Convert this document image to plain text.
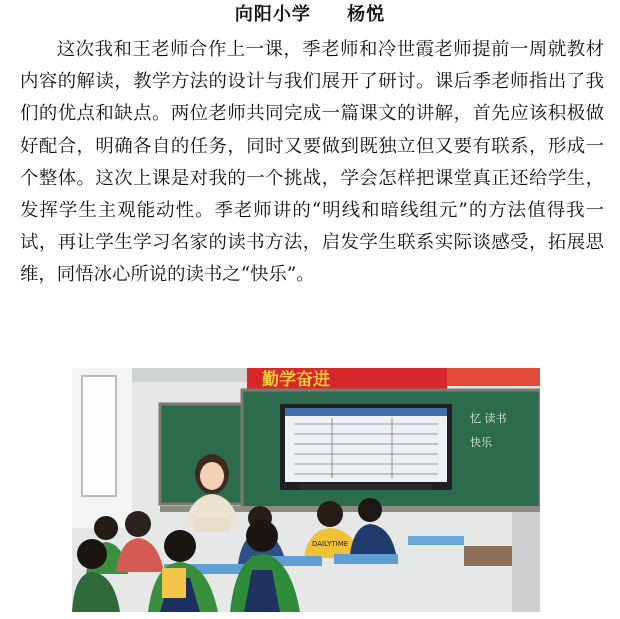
向阳小学     杨悦

这次我和王老师合作上一课，季老师和冷世霞老师提前一周就教材内容的解读，教学方法的设计与我们展开了研讨。课后季老师指出了我们的优点和缺点。两位老师共同完成一篇课文的讲解，首先应该积极做好配合，明确各自的任务，同时又要做到既独立但又要有联系，形成一个整体。这次上课是对我的一个挑战，学会怎样把课堂真正还给学生，发挥学生主观能动性。季老师讲的“明线和暗线组元”的方法值得我一试，再让学生学习名家的读书方法，启发学生联系实际谈感受，拓展思维，同悟冰心所说的读书之“快乐”。

勤学奋进
忆 读书
快乐
DAILYTIME
